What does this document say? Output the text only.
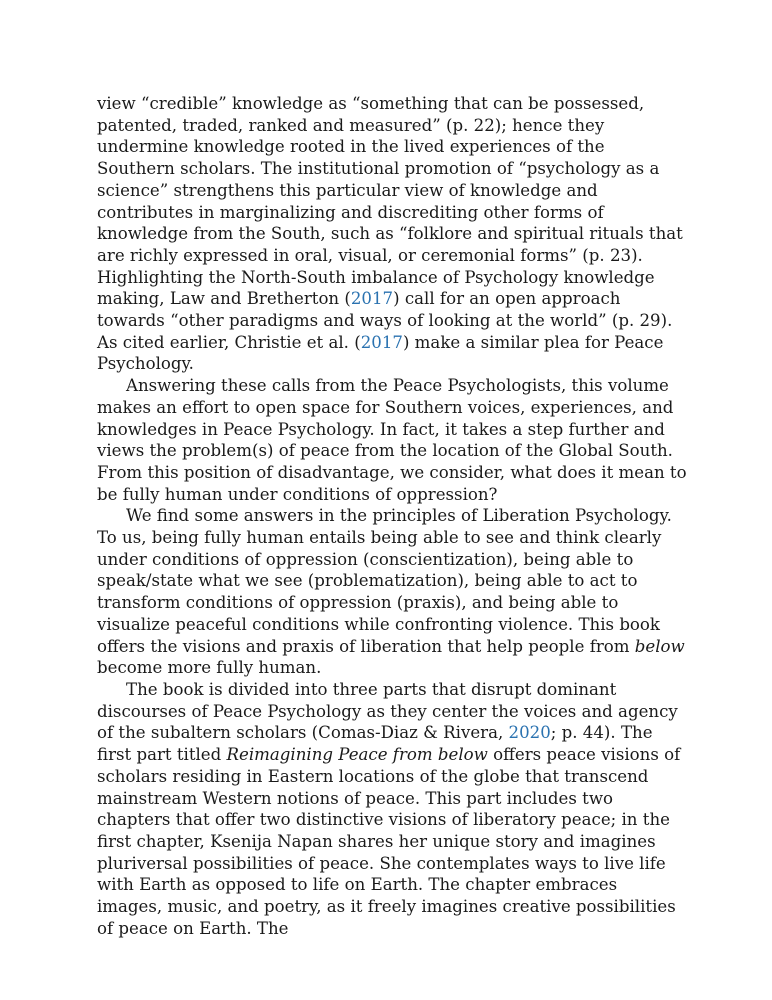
view “credible” knowledge as “something that can be possessed, patented, traded, ranked and measured” (p. 22); hence they undermine knowledge rooted in the lived experiences of the Southern scholars. The institutional promotion of “psychology as a science” strengthens this particular view of knowledge and contributes in marginalizing and discrediting other forms of knowledge from the South, such as “folklore and spiritual rituals that are richly expressed in oral, visual, or ceremonial forms” (p. 23). Highlighting the North-South imbalance of Psychology knowledge making, Law and Bretherton (2017) call for an open approach towards “other paradigms and ways of looking at the world” (p. 29). As cited earlier, Christie et al. (2017) make a similar plea for Peace Psychology.

Answering these calls from the Peace Psychologists, this volume makes an effort to open space for Southern voices, experiences, and knowledges in Peace Psychology. In fact, it takes a step further and views the problem(s) of peace from the location of the Global South. From this position of disadvantage, we consider, what does it mean to be fully human under conditions of oppression?

We find some answers in the principles of Liberation Psychology. To us, being fully human entails being able to see and think clearly under conditions of oppression (conscientization), being able to speak/state what we see (problematization), being able to act to transform conditions of oppression (praxis), and being able to visualize peaceful conditions while confronting violence. This book offers the visions and praxis of liberation that help people from below become more fully human.

The book is divided into three parts that disrupt dominant discourses of Peace Psychology as they center the voices and agency of the subaltern scholars (Comas-Diaz & Rivera, 2020; p. 44). The first part titled Reimagining Peace from below offers peace visions of scholars residing in Eastern locations of the globe that transcend mainstream Western notions of peace. This part includes two chapters that offer two distinctive visions of liberatory peace; in the first chapter, Ksenija Napan shares her unique story and imagines pluriversal possibilities of peace. She contemplates ways to live life with Earth as opposed to life on Earth. The chapter embraces images, music, and poetry, as it freely imagines creative possibilities of peace on Earth. The
